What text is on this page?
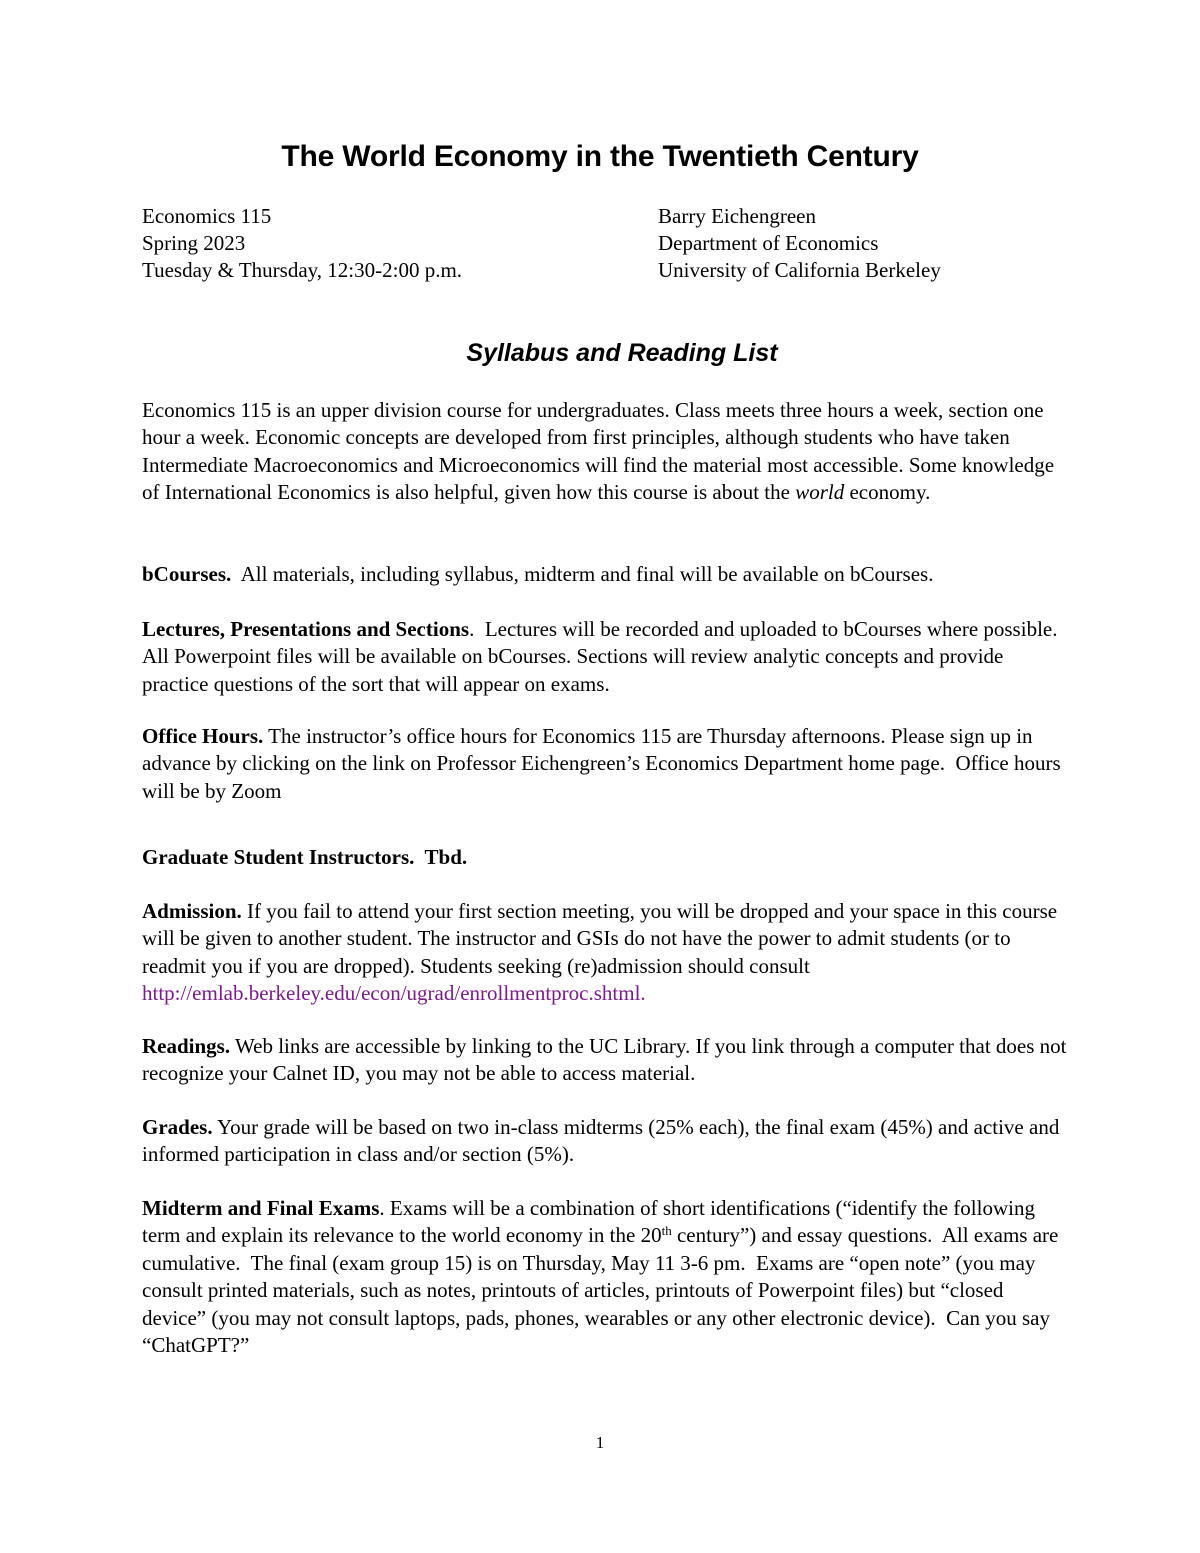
The World Economy in the Twentieth Century
Economics 115
Spring 2023
Tuesday & Thursday, 12:30-2:00 p.m.
Barry Eichengreen
Department of Economics
University of California Berkeley
Syllabus and Reading List
Economics 115 is an upper division course for undergraduates. Class meets three hours a week, section one hour a week. Economic concepts are developed from first principles, although students who have taken Intermediate Macroeconomics and Microeconomics will find the material most accessible. Some knowledge of International Economics is also helpful, given how this course is about the world economy.
bCourses.  All materials, including syllabus, midterm and final will be available on bCourses.
Lectures, Presentations and Sections.  Lectures will be recorded and uploaded to bCourses where possible.  All Powerpoint files will be available on bCourses. Sections will review analytic concepts and provide practice questions of the sort that will appear on exams.
Office Hours. The instructor’s office hours for Economics 115 are Thursday afternoons. Please sign up in advance by clicking on the link on Professor Eichengreen’s Economics Department home page.  Office hours will be by Zoom
Graduate Student Instructors.  Tbd.
Admission. If you fail to attend your first section meeting, you will be dropped and your space in this course will be given to another student. The instructor and GSIs do not have the power to admit students (or to readmit you if you are dropped). Students seeking (re)admission should consult http://emlab.berkeley.edu/econ/ugrad/enrollmentproc.shtml.
Readings. Web links are accessible by linking to the UC Library. If you link through a computer that does not recognize your Calnet ID, you may not be able to access material.
Grades. Your grade will be based on two in-class midterms (25% each), the final exam (45%) and active and informed participation in class and/or section (5%).
Midterm and Final Exams. Exams will be a combination of short identifications (“identify the following term and explain its relevance to the world economy in the 20th century”) and essay questions.  All exams are cumulative.  The final (exam group 15) is on Thursday, May 11 3-6 pm.  Exams are “open note” (you may consult printed materials, such as notes, printouts of articles, printouts of Powerpoint files) but “closed device” (you may not consult laptops, pads, phones, wearables or any other electronic device).  Can you say “ChatGPT?”
1
